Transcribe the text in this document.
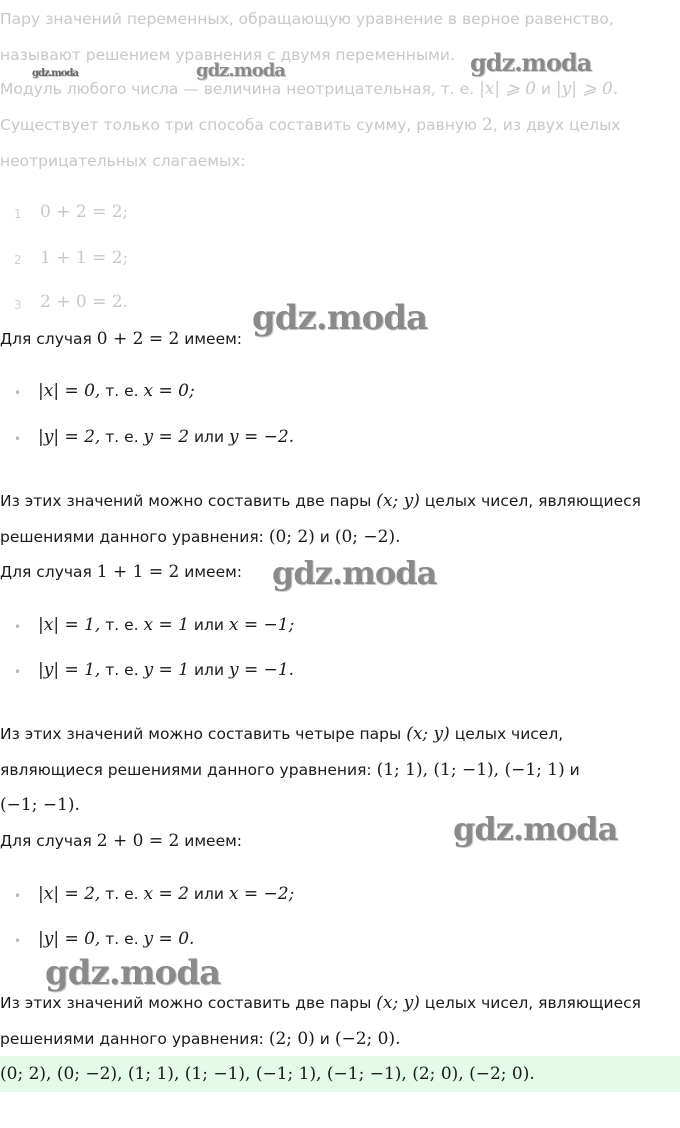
Пару значений переменных, обращающую уравнение в верное равенство,
называют решением уравнения с двумя переменными.
Модуль любого числа — величина неотрицательная, т. е. |x| ⩾ 0 и |y| ⩾ 0.
Существует только три способа составить сумму, равную 2, из двух целых
неотрицательных слагаемых:
1 0 + 2 = 2;
2 1 + 1 = 2;
3 2 + 0 = 2.
Для случая 0 + 2 = 2 имеем:
• |x| = 0, т. е. x = 0;
• |y| = 2, т. е. y = 2 или y = −2.
Из этих значений можно составить две пары (x; y) целых чисел, являющиеся
решениями данного уравнения: (0; 2) и (0; −2).
Для случая 1 + 1 = 2 имеем:
• |x| = 1, т. е. x = 1 или x = −1;
• |y| = 1, т. е. y = 1 или y = −1.
Из этих значений можно составить четыре пары (x; y) целых чисел,
являющиеся решениями данного уравнения: (1; 1), (1; −1), (−1; 1) и
(−1; −1).
Для случая 2 + 0 = 2 имеем:
• |x| = 2, т. е. x = 2 или x = −2;
• |y| = 0, т. е. y = 0.
Из этих значений можно составить две пары (x; y) целых чисел, являющиеся
решениями данного уравнения: (2; 0) и (−2; 0).
(0; 2), (0; −2), (1; 1), (1; −1), (−1; 1), (−1; −1), (2; 0), (−2; 0).
gdz.moda	gdz.moda	gdz.moda
gdz.moda
gdz.moda
gdz.moda
gdz.moda
